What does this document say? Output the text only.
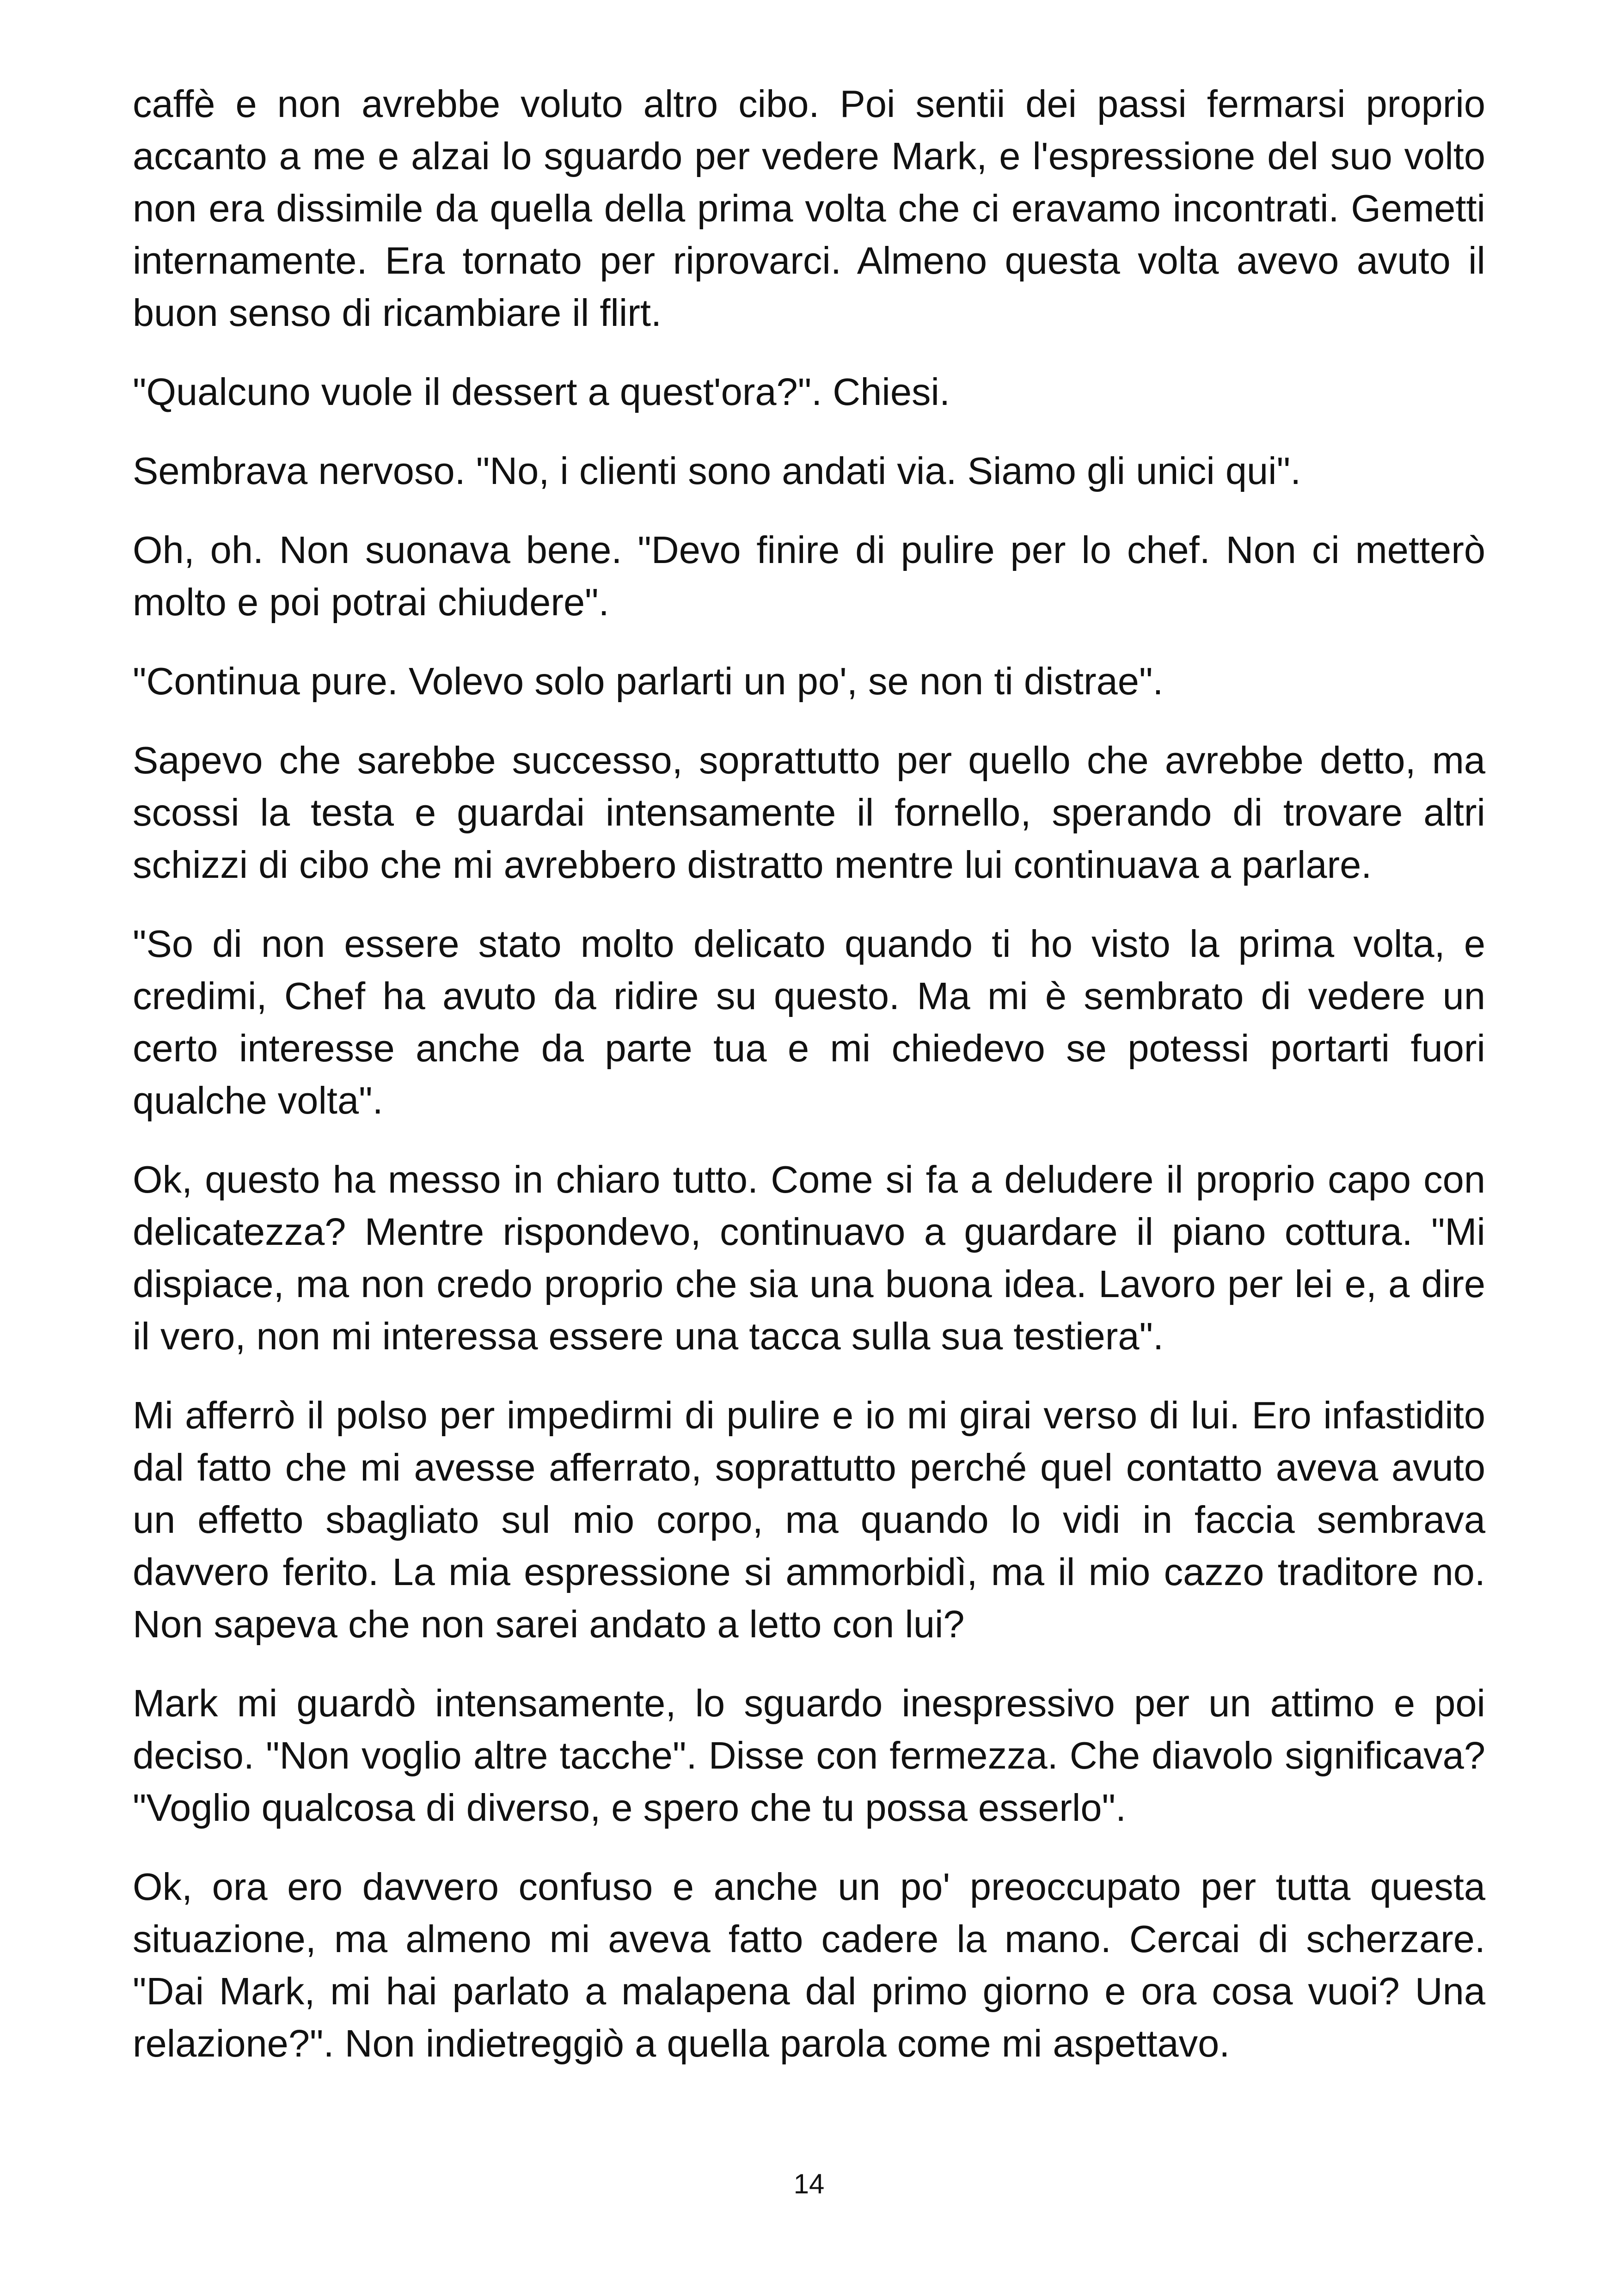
caffè e non avrebbe voluto altro cibo. Poi sentii dei passi fermarsi proprio accanto a me e alzai lo sguardo per vedere Mark, e l'espressione del suo volto non era dissimile da quella della prima volta che ci eravamo incontrati. Gemetti internamente. Era tornato per riprovarci. Almeno questa volta avevo avuto il buon senso di ricambiare il flirt.

"Qualcuno vuole il dessert a quest'ora?". Chiesi.

Sembrava nervoso. "No, i clienti sono andati via. Siamo gli unici qui".

Oh, oh. Non suonava bene. "Devo finire di pulire per lo chef. Non ci metterò molto e poi potrai chiudere".

"Continua pure. Volevo solo parlarti un po', se non ti distrae".

Sapevo che sarebbe successo, soprattutto per quello che avrebbe detto, ma scossi la testa e guardai intensamente il fornello, sperando di trovare altri schizzi di cibo che mi avrebbero distratto mentre lui continuava a parlare.

"So di non essere stato molto delicato quando ti ho visto la prima volta, e credimi, Chef ha avuto da ridire su questo. Ma mi è sembrato di vedere un certo interesse anche da parte tua e mi chiedevo se potessi portarti fuori qualche volta".

Ok, questo ha messo in chiaro tutto. Come si fa a deludere il proprio capo con delicatezza? Mentre rispondevo, continuavo a guardare il piano cottura. "Mi dispiace, ma non credo proprio che sia una buona idea. Lavoro per lei e, a dire il vero, non mi interessa essere una tacca sulla sua testiera".

Mi afferrò il polso per impedirmi di pulire e io mi girai verso di lui. Ero infastidito dal fatto che mi avesse afferrato, soprattutto perché quel contatto aveva avuto un effetto sbagliato sul mio corpo, ma quando lo vidi in faccia sembrava davvero ferito. La mia espressione si ammorbidì, ma il mio cazzo traditore no. Non sapeva che non sarei andato a letto con lui?

Mark mi guardò intensamente, lo sguardo inespressivo per un attimo e poi deciso. "Non voglio altre tacche". Disse con fermezza. Che diavolo significava? "Voglio qualcosa di diverso, e spero che tu possa esserlo".

Ok, ora ero davvero confuso e anche un po' preoccupato per tutta questa situazione, ma almeno mi aveva fatto cadere la mano. Cercai di scherzare. "Dai Mark, mi hai parlato a malapena dal primo giorno e ora cosa vuoi? Una relazione?". Non indietreggiò a quella parola come mi aspettavo.

14
